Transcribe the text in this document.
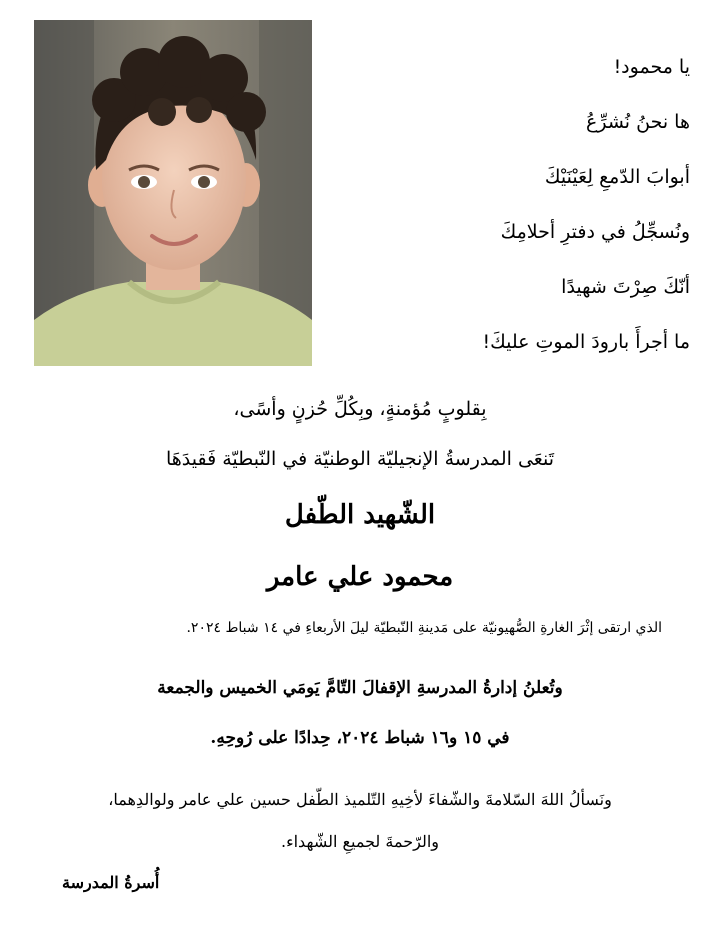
يا محمود!
ها نحنُ نُشرِّعُ
أبوابَ الدّمعِ لِعَيْنَيْكَ
ونُسجِّلُ في دفترِ أحلامِكَ
أنّكَ صِرْتَ شهيدًا
ما أجرأَ بارودَ الموتِ عليكَ!
بِقلوبٍ مُؤمنةٍ، وبِكُلِّ حُزنٍ وأسًى،
تَنعَى المدرسةُ الإنجيليّة الوطنيّة في النّبطيّة فَقيدَهَا
الشّهيد الطّفل
محمود علي عامر
الذي ارتقى إثْرَ الغارةِ الصُّهيونيّة على مَدينةِ النّبطيّة ليلَ الأربعاءِ في ١٤ شباط ٢٠٢٤.
وتُعلنُ إدارةُ المدرسةِ الإقفالَ التّامَّ يَومَي الخميس والجمعة
في ١٥ و١٦ شباط ٢٠٢٤، حِدادًا على رُوحِهِ.
ونَسألُ اللهَ السّلامةَ والشّفاءَ لأخِيهِ التّلميذ الطّفل حسين علي عامر ولوالدِهما،
والرّحمةَ لجميعِ الشّهداء.
أُسرةُ المدرسة
